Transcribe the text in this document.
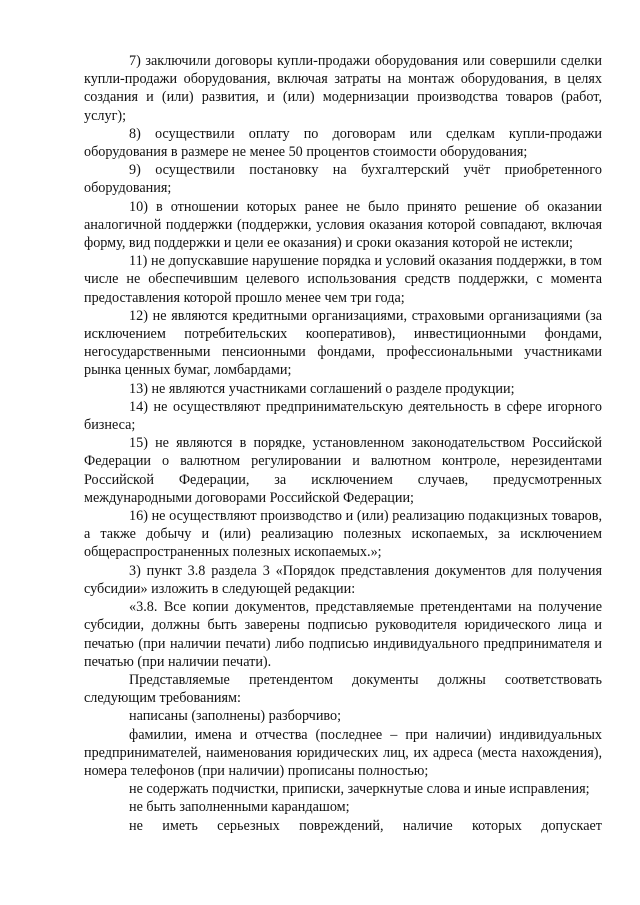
7) заключили договоры купли-продажи оборудования или совершили сделки купли-продажи оборудования, включая затраты на монтаж оборудования, в целях создания и (или) развития, и (или) модернизации производства товаров (работ, услуг);

8) осуществили оплату по договорам или сделкам купли-продажи оборудования в размере не менее 50 процентов стоимости оборудования;

9) осуществили постановку на бухгалтерский учёт приобретенного оборудования;

10) в отношении которых ранее не было принято решение об оказании аналогичной поддержки (поддержки, условия оказания которой совпадают, включая форму, вид поддержки и цели ее оказания) и сроки оказания которой не истекли;

11) не допускавшие нарушение порядка и условий оказания поддержки, в том числе не обеспечившим целевого использования средств поддержки, с момента предоставления которой прошло менее чем три года;

12) не являются кредитными организациями, страховыми организациями (за исключением потребительских кооперативов), инвестиционными фондами, негосударственными пенсионными фондами, профессиональными участниками рынка ценных бумаг, ломбардами;

13) не являются участниками соглашений о разделе продукции;

14) не осуществляют предпринимательскую деятельность в сфере игорного бизнеса;

15) не являются в порядке, установленном законодательством Российской Федерации о валютном регулировании и валютном контроле, нерезидентами Российской Федерации, за исключением случаев, предусмотренных международными договорами Российской Федерации;

16) не осуществляют производство и (или) реализацию подакцизных товаров, а также добычу и (или) реализацию полезных ископаемых, за исключением общераспространенных полезных ископаемых.»;

3) пункт 3.8 раздела 3 «Порядок представления документов для получения субсидии» изложить в следующей редакции:

«3.8. Все копии документов, представляемые претендентами на получение субсидии, должны быть заверены подписью руководителя юридического лица и печатью (при наличии печати) либо подписью индивидуального предпринимателя и печатью (при наличии печати).

Представляемые претендентом документы должны соответствовать следующим требованиям:

написаны (заполнены) разборчиво;

фамилии, имена и отчества (последнее – при наличии) индивидуальных предпринимателей, наименования юридических лиц, их адреса (места нахождения), номера телефонов (при наличии) прописаны полностью;

не содержать подчистки, приписки, зачеркнутые слова и иные исправления;

не быть заполненными карандашом;

не иметь серьезных повреждений, наличие которых допускает
